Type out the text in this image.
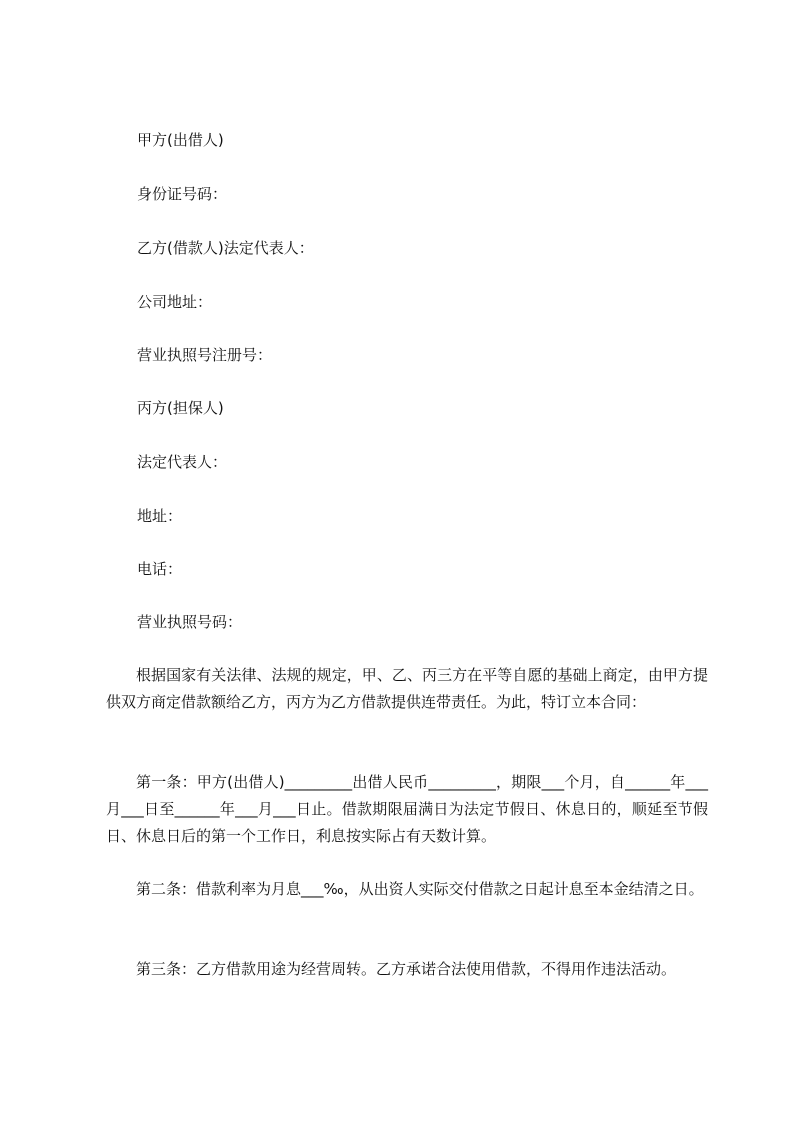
甲方(出借人)
身份证号码：
乙方(借款人)法定代表人：
公司地址：
营业执照号注册号：
丙方(担保人)
法定代表人：
地址：
电话：
营业执照号码：
根据国家有关法律、法规的规定，甲、乙、丙三方在平等自愿的基础上商定，由甲方提供双方商定借款额给乙方，丙方为乙方借款提供连带责任。为此，特订立本合同：
第一条：甲方(出借人)_________出借人民币_________，期限___个月，自______年___月___日至______年___月___日止。借款期限届满日为法定节假日、休息日的，顺延至节假日、休息日后的第一个工作日，利息按实际占有天数计算。
第二条：借款利率为月息___‰，从出资人实际交付借款之日起计息至本金结清之日。
第三条：乙方借款用途为经营周转。乙方承诺合法使用借款，不得用作违法活动。
